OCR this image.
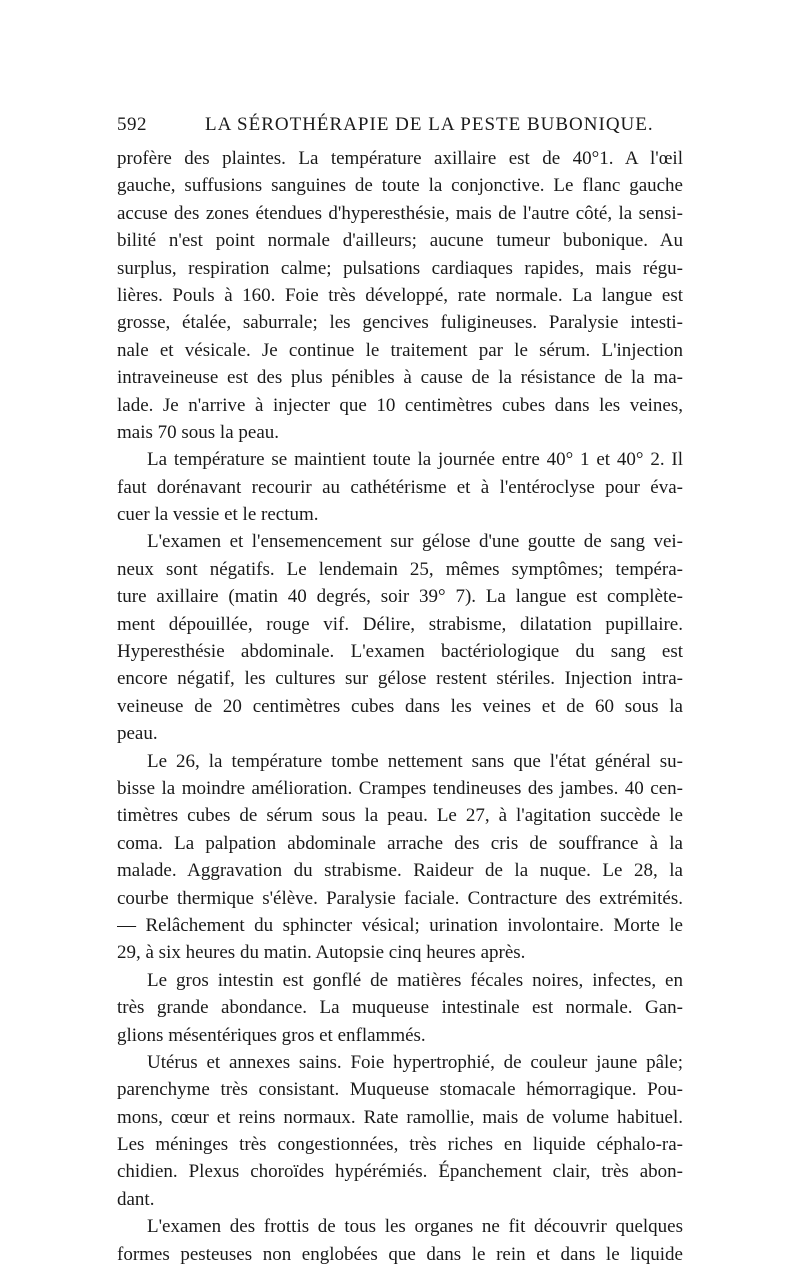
592	LA SÉROTHÉRAPIE DE LA PESTE BUBONIQUE.
profère des plaintes. La température axillaire est de 40°1. A l'œil
gauche, suffusions sanguines de toute la conjonctive. Le flanc gauche
accuse des zones étendues d'hyperesthésie, mais de l'autre côté, la sensi-
bilité n'est point normale d'ailleurs; aucune tumeur bubonique. Au
surplus, respiration calme; pulsations cardiaques rapides, mais régu-
lières. Pouls à 160. Foie très développé, rate normale. La langue est
grosse, étalée, saburrale; les gencives fuligineuses. Paralysie intesti-
nale et vésicale. Je continue le traitement par le sérum. L'injection
intraveineuse est des plus pénibles à cause de la résistance de la ma-
lade. Je n'arrive à injecter que 10 centimètres cubes dans les veines,
mais 70 sous la peau.
La température se maintient toute la journée entre 40° 1 et 40° 2. Il
faut dorénavant recourir au cathétérisme et à l'entéroclyse pour éva-
cuer la vessie et le rectum.
L'examen et l'ensemencement sur gélose d'une goutte de sang vei-
neux sont négatifs. Le lendemain 25, mêmes symptômes; tempéra-
ture axillaire (matin 40 degrés, soir 39° 7). La langue est complète-
ment dépouillée, rouge vif. Délire, strabisme, dilatation pupillaire.
Hyperesthésie abdominale. L'examen bactériologique du sang est
encore négatif, les cultures sur gélose restent stériles. Injection intra-
veineuse de 20 centimètres cubes dans les veines et de 60 sous la
peau.
Le 26, la température tombe nettement sans que l'état général su-
bisse la moindre amélioration. Crampes tendineuses des jambes. 40 cen-
timètres cubes de sérum sous la peau. Le 27, à l'agitation succède le
coma. La palpation abdominale arrache des cris de souffrance à la
malade. Aggravation du strabisme. Raideur de la nuque. Le 28, la
courbe thermique s'élève. Paralysie faciale. Contracture des extrémités.
— Relâchement du sphincter vésical; urination involontaire. Morte le
29, à six heures du matin. Autopsie cinq heures après.
Le gros intestin est gonflé de matières fécales noires, infectes, en
très grande abondance. La muqueuse intestinale est normale. Gan-
glions mésentériques gros et enflammés.
Utérus et annexes sains. Foie hypertrophié, de couleur jaune pâle;
parenchyme très consistant. Muqueuse stomacale hémorragique. Pou-
mons, cœur et reins normaux. Rate ramollie, mais de volume habituel.
Les méninges très congestionnées, très riches en liquide céphalo-ra-
chidien. Plexus choroïdes hypérémiés. Épanchement clair, très abon-
dant.
L'examen des frottis de tous les organes ne fit découvrir quelques
formes pesteuses non englobées que dans le rein et dans le liquide
